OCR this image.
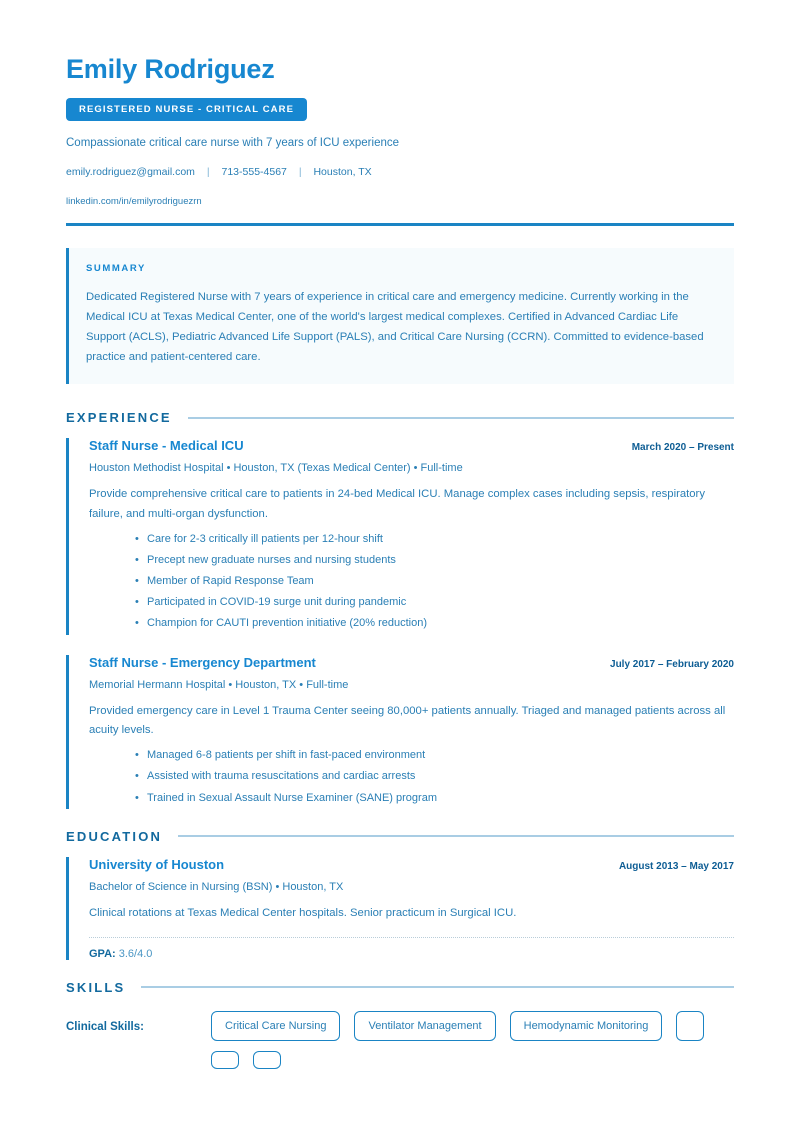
Emily Rodriguez
REGISTERED NURSE - CRITICAL CARE
Compassionate critical care nurse with 7 years of ICU experience
emily.rodriguez@gmail.com | 713-555-4567 | Houston, TX
linkedin.com/in/emilyrodriguezrn
SUMMARY
Dedicated Registered Nurse with 7 years of experience in critical care and emergency medicine. Currently working in the Medical ICU at Texas Medical Center, one of the world's largest medical complexes. Certified in Advanced Cardiac Life Support (ACLS), Pediatric Advanced Life Support (PALS), and Critical Care Nursing (CCRN). Committed to evidence-based practice and patient-centered care.
EXPERIENCE
Staff Nurse - Medical ICU	March 2020 – Present
Houston Methodist Hospital • Houston, TX (Texas Medical Center) • Full-time
Provide comprehensive critical care to patients in 24-bed Medical ICU. Manage complex cases including sepsis, respiratory failure, and multi-organ dysfunction.
• Care for 2-3 critically ill patients per 12-hour shift
• Precept new graduate nurses and nursing students
• Member of Rapid Response Team
• Participated in COVID-19 surge unit during pandemic
• Champion for CAUTI prevention initiative (20% reduction)
Staff Nurse - Emergency Department	July 2017 – February 2020
Memorial Hermann Hospital • Houston, TX • Full-time
Provided emergency care in Level 1 Trauma Center seeing 80,000+ patients annually. Triaged and managed patients across all acuity levels.
• Managed 6-8 patients per shift in fast-paced environment
• Assisted with trauma resuscitations and cardiac arrests
• Trained in Sexual Assault Nurse Examiner (SANE) program
EDUCATION
University of Houston	August 2013 – May 2017
Bachelor of Science in Nursing (BSN) • Houston, TX
Clinical rotations at Texas Medical Center hospitals. Senior practicum in Surgical ICU.
GPA: 3.6/4.0
SKILLS
Clinical Skills:	Critical Care Nursing	Ventilator Management	Hemodynamic Monitoring
